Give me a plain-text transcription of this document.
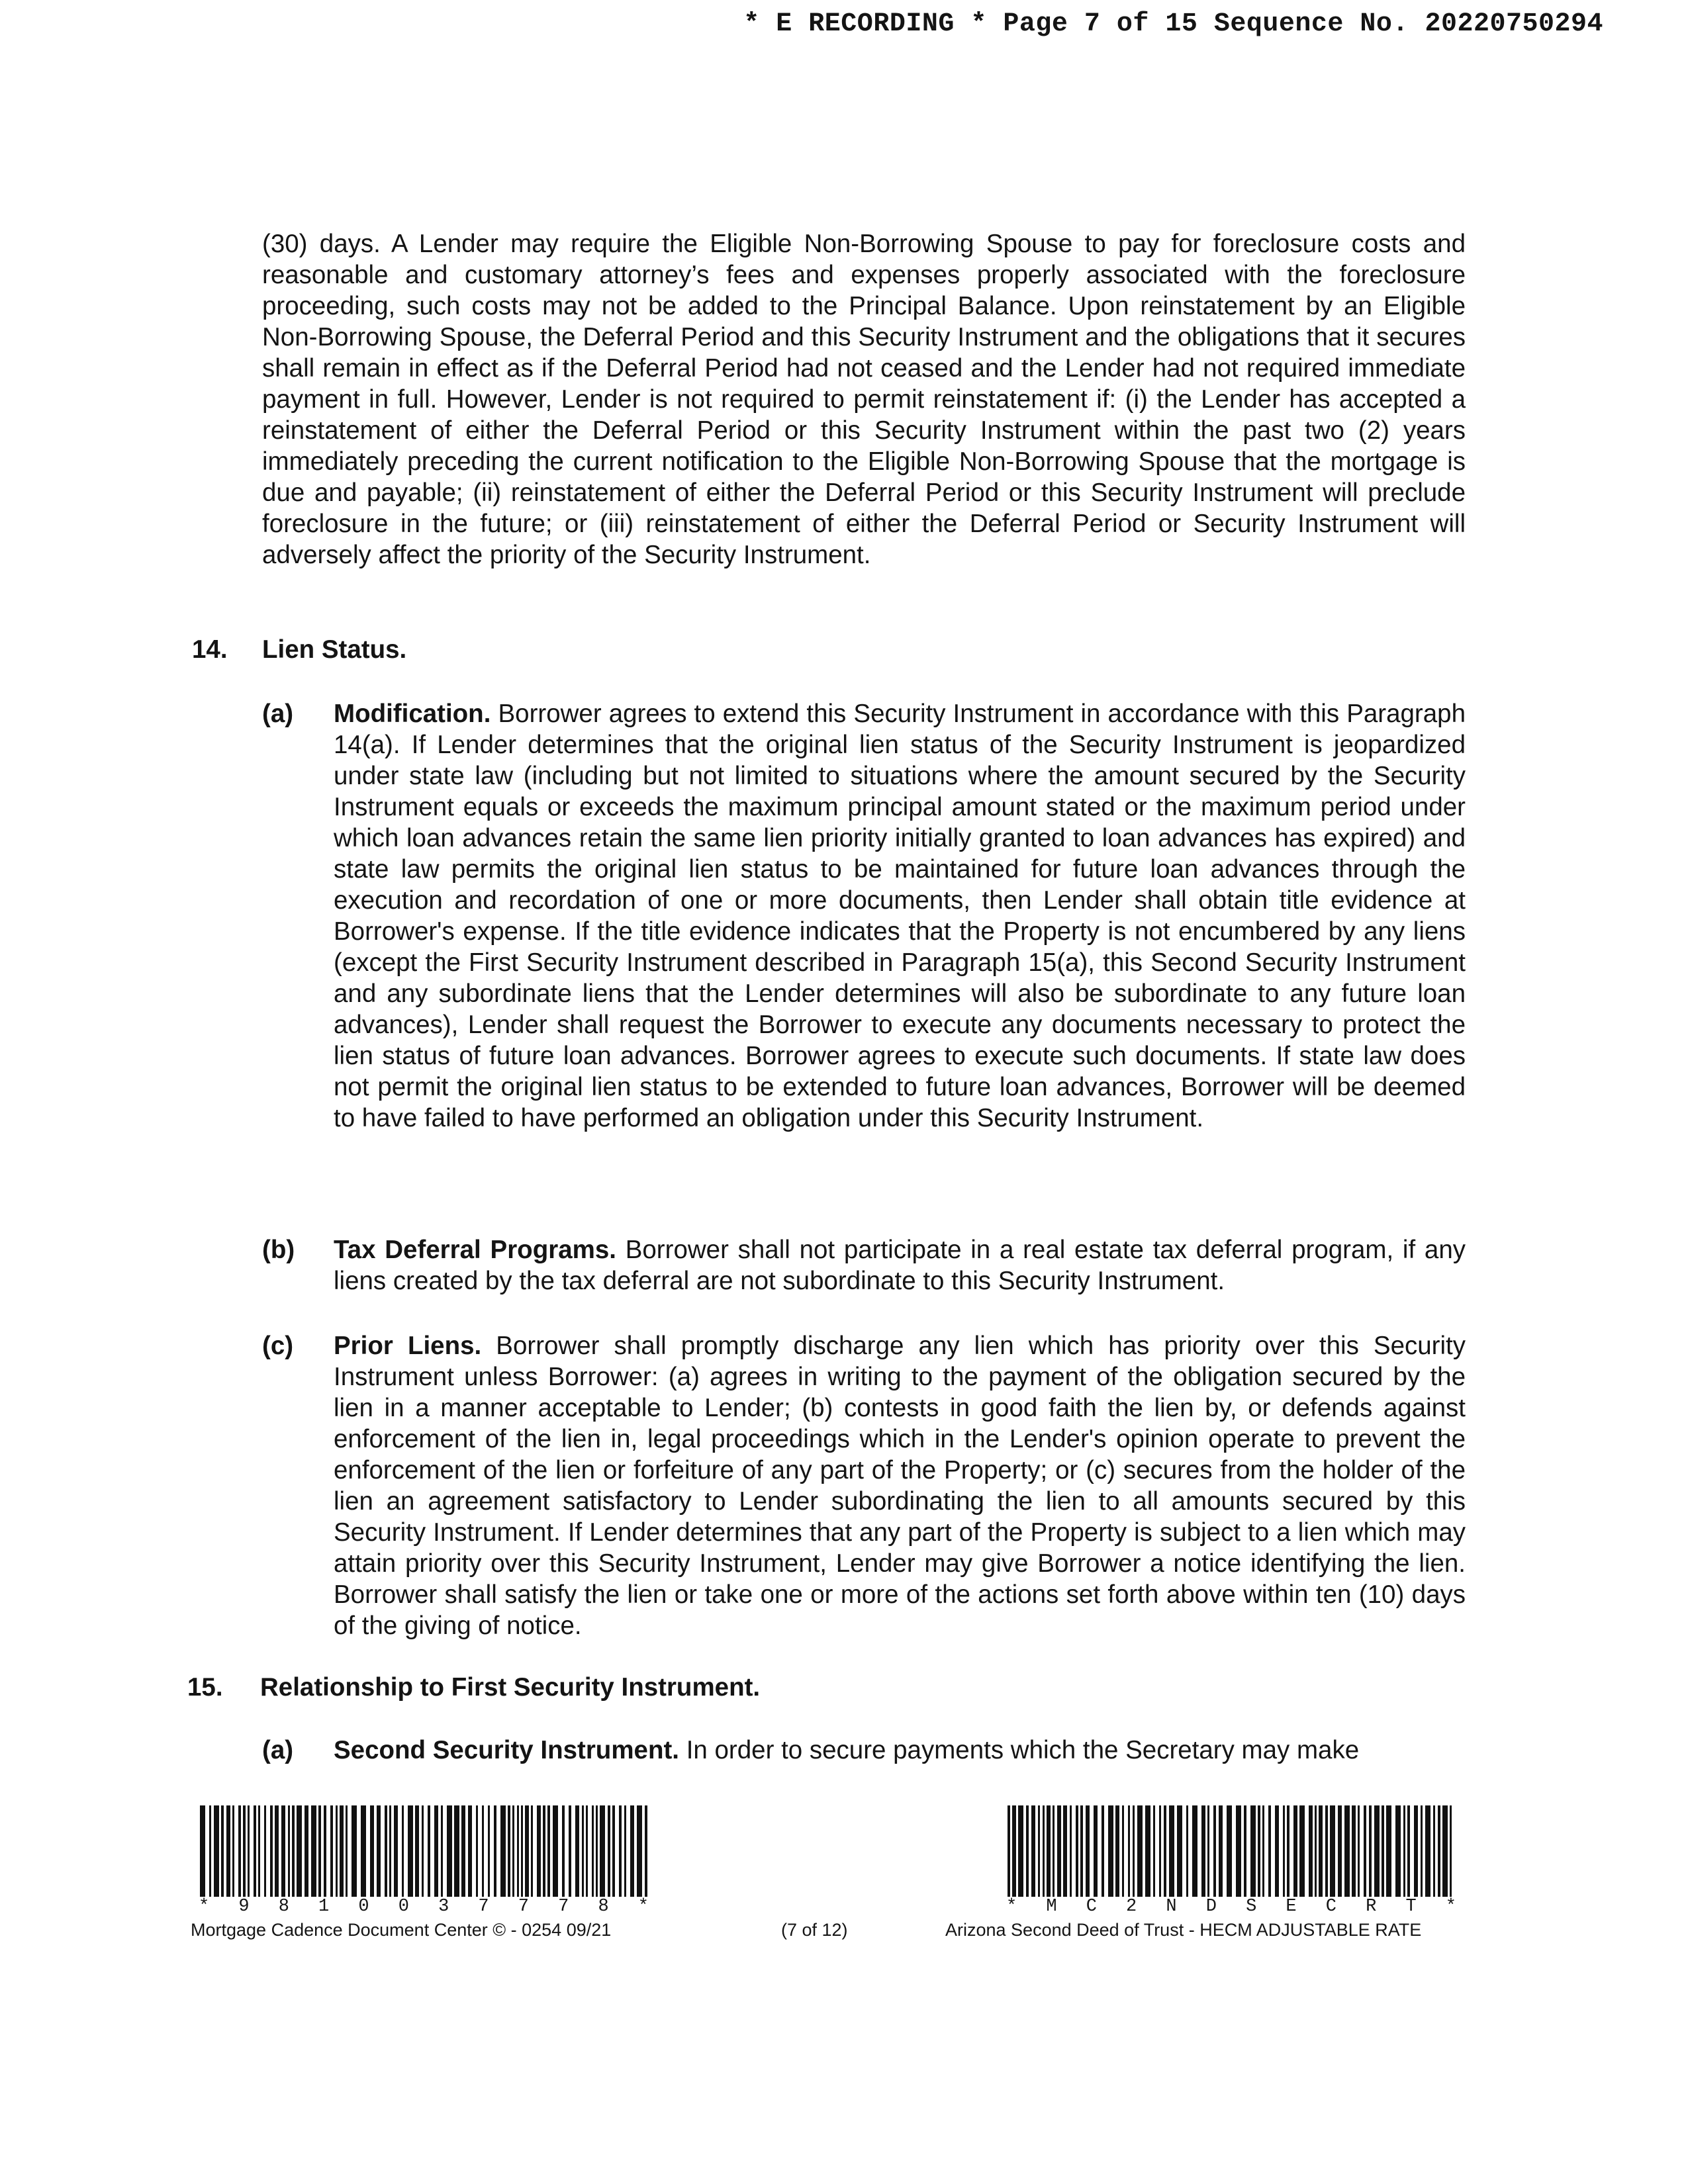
* E RECORDING * Page 7 of 15 Sequence No. 20220750294

(30) days. A Lender may require the Eligible Non-Borrowing Spouse to pay for foreclosure costs and reasonable and customary attorney’s fees and expenses properly associated with the foreclosure proceeding, such costs may not be added to the Principal Balance. Upon reinstatement by an Eligible Non-Borrowing Spouse, the Deferral Period and this Security Instrument and the obligations that it secures shall remain in effect as if the Deferral Period had not ceased and the Lender had not required immediate payment in full. However, Lender is not required to permit reinstatement if: (i) the Lender has accepted a reinstatement of either the Deferral Period or this Security Instrument within the past two (2) years immediately preceding the current notification to the Eligible Non-Borrowing Spouse that the mortgage is due and payable; (ii) reinstatement of either the Deferral Period or this Security Instrument will preclude foreclosure in the future; or (iii) reinstatement of either the Deferral Period or Security Instrument will adversely affect the priority of the Security Instrument.

14. Lien Status.
(a) Modification. Borrower agrees to extend this Security Instrument in accordance with this Paragraph 14(a). If Lender determines that the original lien status of the Security Instrument is jeopardized under state law (including but not limited to situations where the amount secured by the Security Instrument equals or exceeds the maximum principal amount stated or the maximum period under which loan advances retain the same lien priority initially granted to loan advances has expired) and state law permits the original lien status to be maintained for future loan advances through the execution and recordation of one or more documents, then Lender shall obtain title evidence at Borrower's expense. If the title evidence indicates that the Property is not encumbered by any liens (except the First Security Instrument described in Paragraph 15(a), this Second Security Instrument and any subordinate liens that the Lender determines will also be subordinate to any future loan advances), Lender shall request the Borrower to execute any documents necessary to protect the lien status of future loan advances. Borrower agrees to execute such documents. If state law does not permit the original lien status to be extended to future loan advances, Borrower will be deemed to have failed to have performed an obligation under this Security Instrument.

(b) Tax Deferral Programs. Borrower shall not participate in a real estate tax deferral program, if any liens created by the tax deferral are not subordinate to this Security Instrument.

(c) Prior Liens. Borrower shall promptly discharge any lien which has priority over this Security Instrument unless Borrower: (a) agrees in writing to the payment of the obligation secured by the lien in a manner acceptable to Lender; (b) contests in good faith the lien by, or defends against enforcement of the lien in, legal proceedings which in the Lender's opinion operate to prevent the enforcement of the lien or forfeiture of any part of the Property; or (c) secures from the holder of the lien an agreement satisfactory to Lender subordinating the lien to all amounts secured by this Security Instrument. If Lender determines that any part of the Property is subject to a lien which may attain priority over this Security Instrument, Lender may give Borrower a notice identifying the lien. Borrower shall satisfy the lien or take one or more of the actions set forth above within ten (10) days of the giving of notice.

15. Relationship to First Security Instrument.
(a) Second Security Instrument. In order to secure payments which the Secretary may make

* 9 8 1 0 0 3 7 7 7 8 *	* M C 2 N D S E C R T *
Mortgage Cadence Document Center © - 0254 09/21	(7 of 12)	Arizona Second Deed of Trust - HECM ADJUSTABLE RATE
